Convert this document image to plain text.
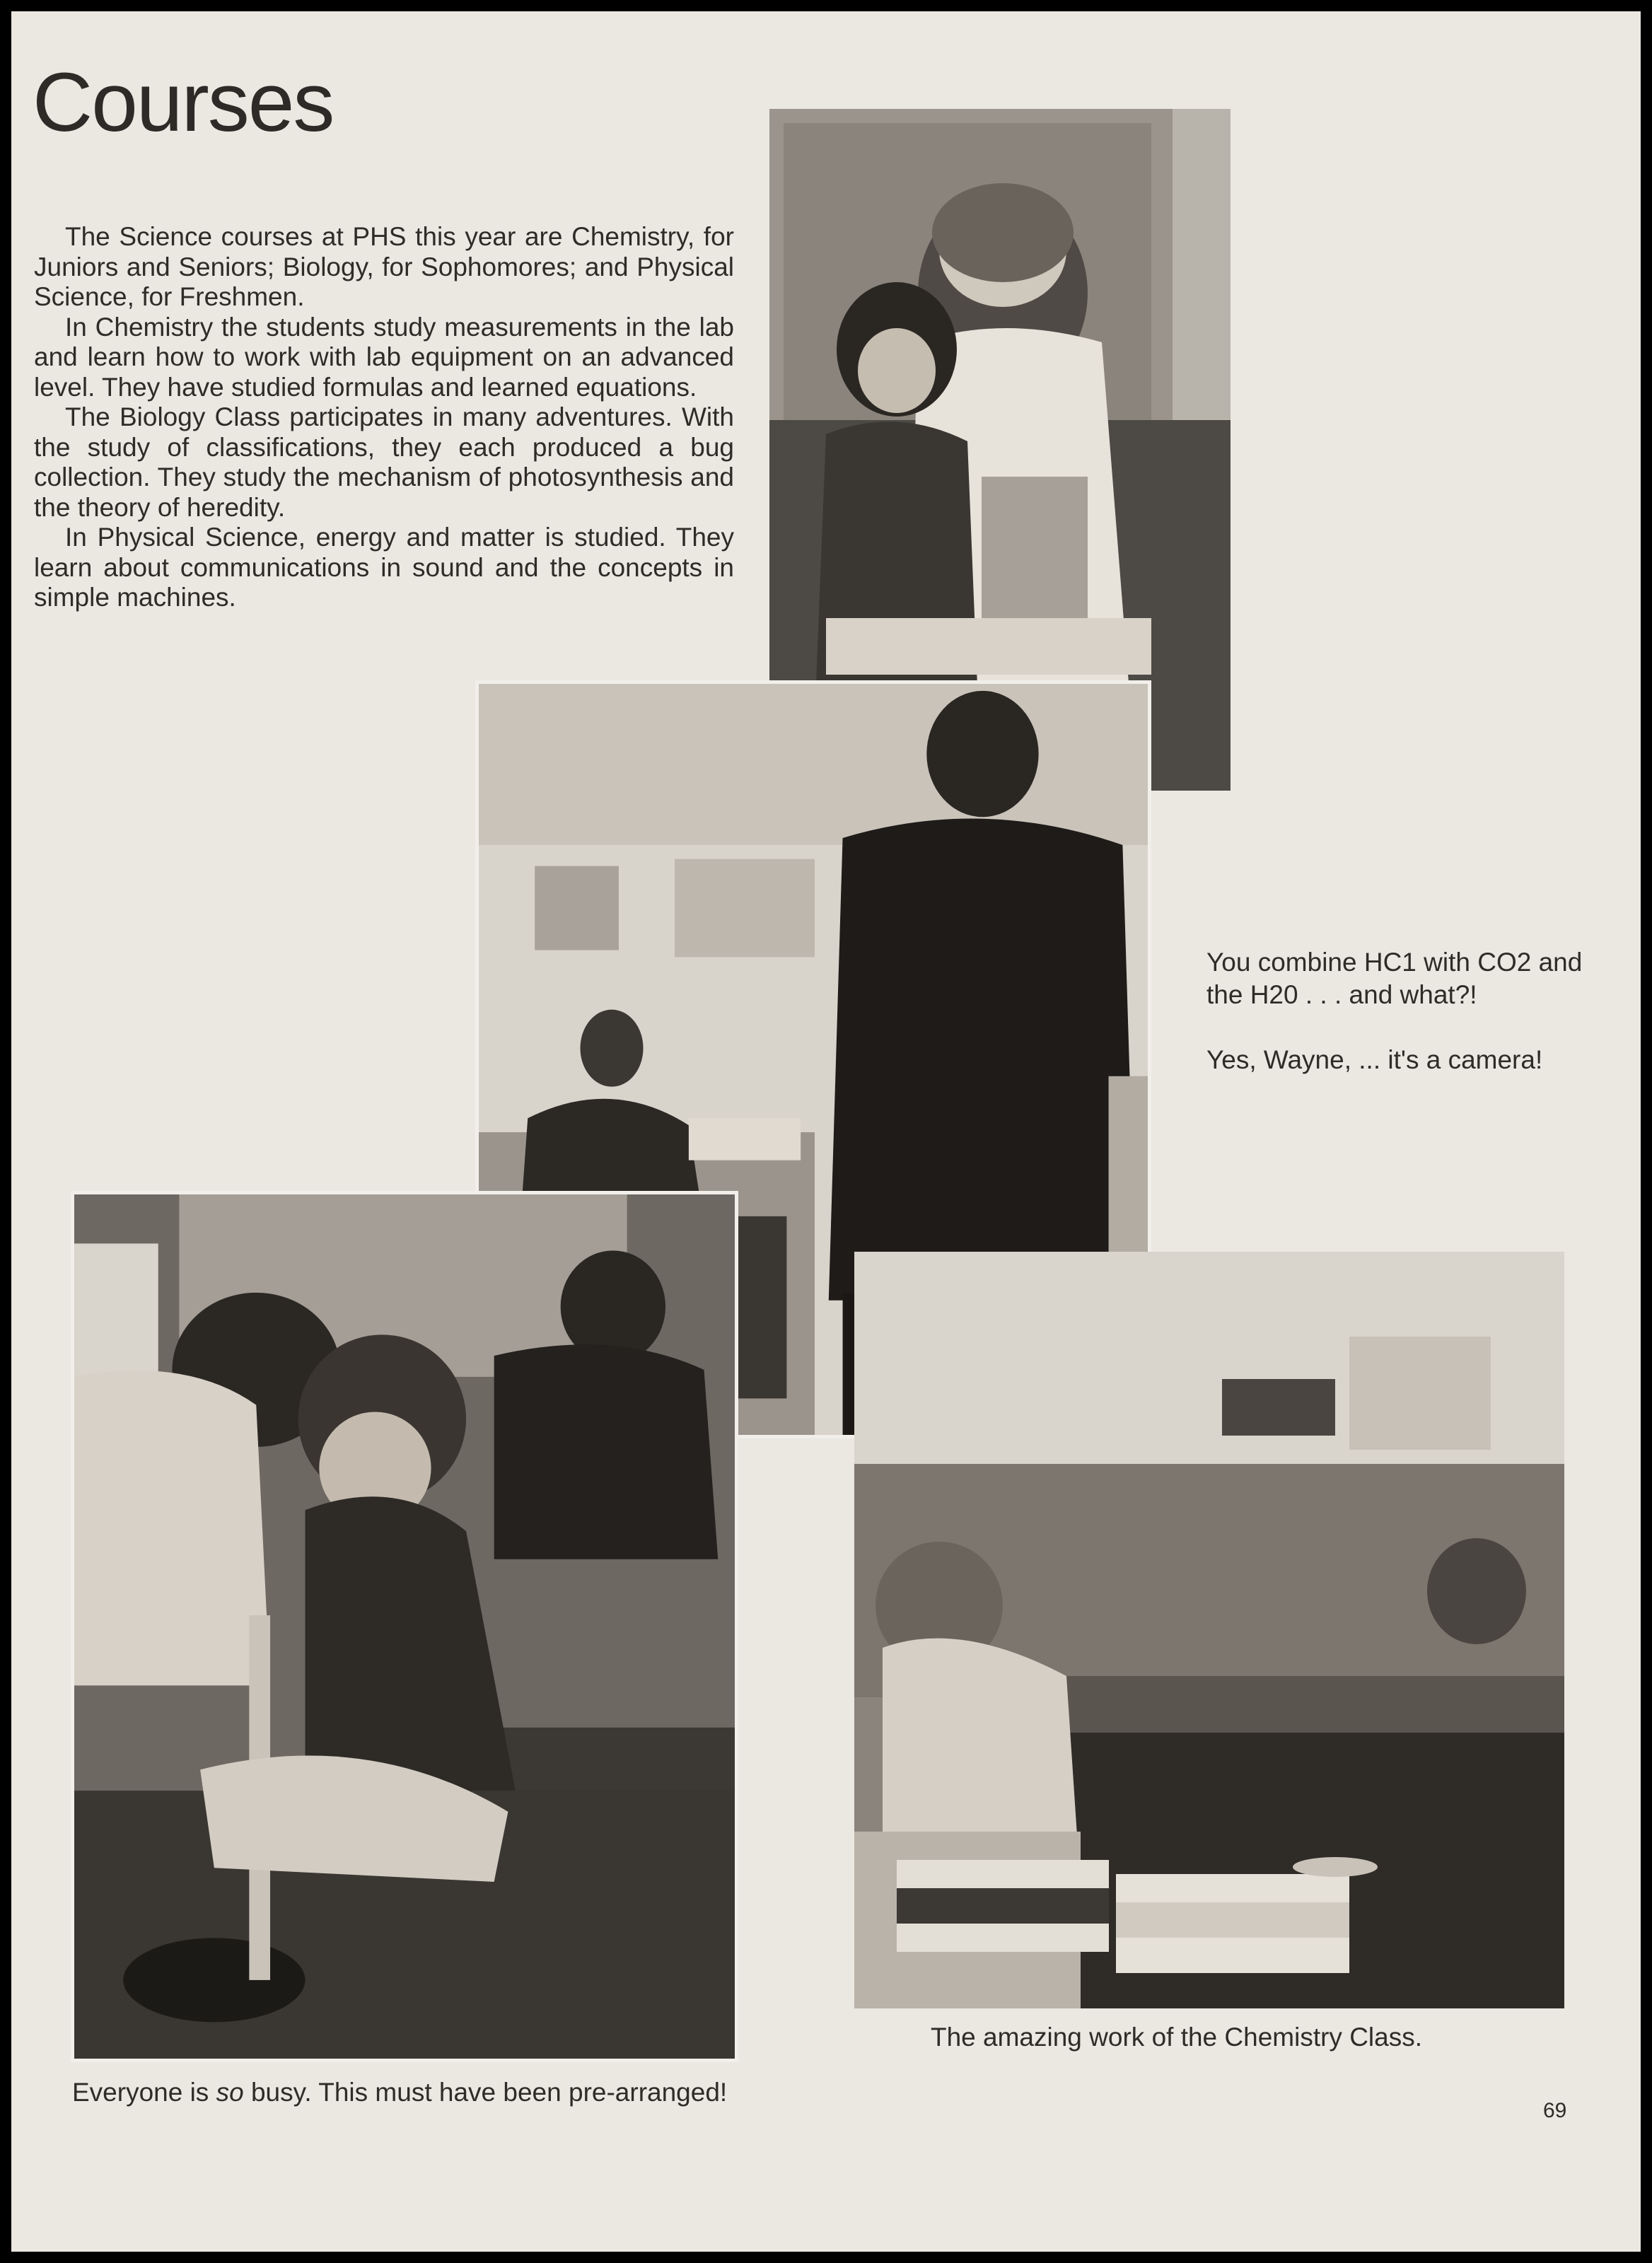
Courses

The Science courses at PHS this year are Chemistry, for Juniors and Seniors; Biology, for Sophomores; and Physical Science, for Freshmen.

In Chemistry the students study measurements in the lab and learn how to work with lab equipment on an advanced level. They have studied formulas and learned equations.

The Biology Class participates in many adventures. With the study of classifications, they each produced a bug collection. They study the mechanism of photosynthesis and the theory of heredity.

In Physical Science, energy and matter is studied. They learn about communications in sound and the concepts in simple machines.

You combine HC1 with CO2 and the H20 . . . and what?!

Yes, Wayne, ... it's a camera!

Everyone is so busy. This must have been pre-arranged!

The amazing work of the Chemistry Class.

69
